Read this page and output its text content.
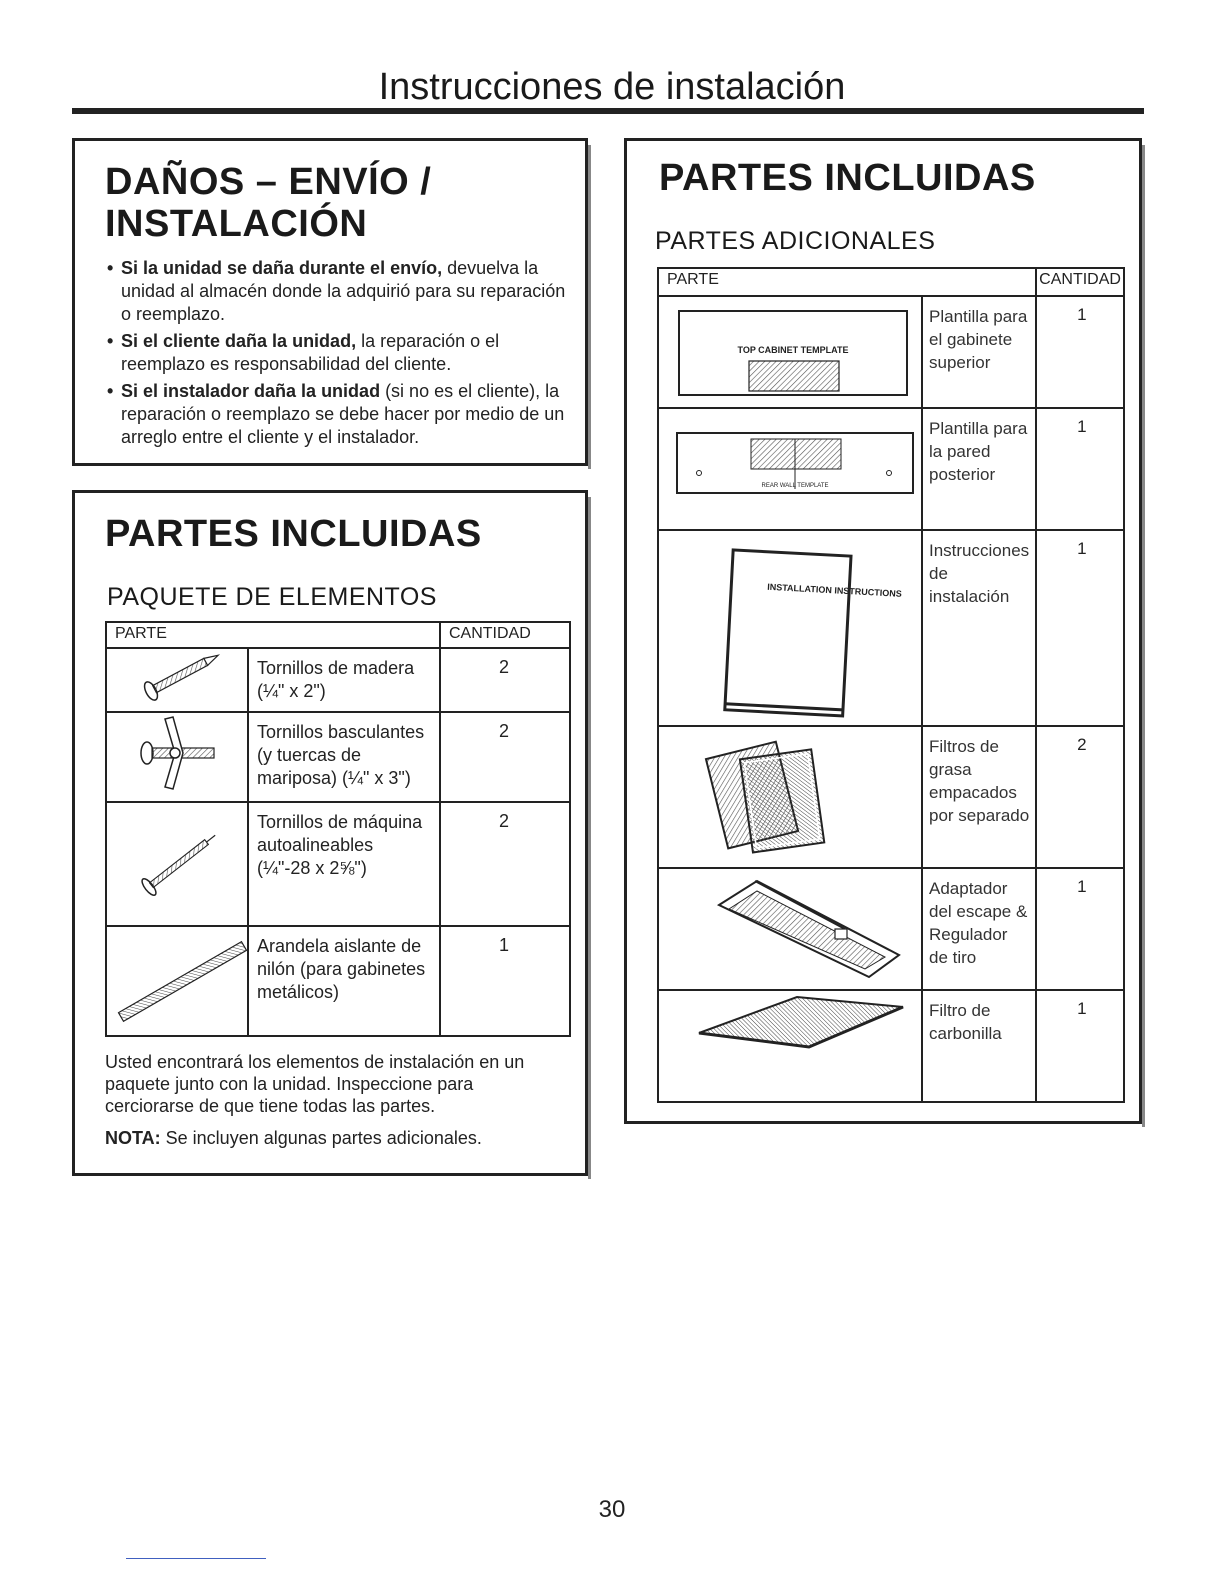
Instrucciones de instalación
DAÑOS – ENVÍO /
INSTALACIÓN
• Si la unidad se daña durante el envío, devuelva la unidad al almacén donde la adquirió para su reparación o reemplazo.
• Si el cliente daña la unidad, la reparación o el reemplazo es responsabilidad del cliente.
• Si el instalador daña la unidad (si no es el cliente), la reparación o reemplazo se debe hacer por medio de un arreglo entre el cliente y el instalador.
PARTES INCLUIDAS
PAQUETE DE ELEMENTOS
PARTE		CANTIDAD

	Tornillos de madera (¼" x 2")	2

	Tornillos basculantes (y tuercas de mariposa) (¼" x 3")	2

	Tornillos de máquina autoalineables (¼"-28 x 2⅝")	2

	Arandela aislante de nilón (para gabinetes metálicos)	1
Usted encontrará los elementos de instalación en un paquete junto con la unidad. Inspeccione para cerciorarse de que tiene todas las partes.
NOTA: Se incluyen algunas partes adicionales.
PARTES INCLUIDAS
PARTES ADICIONALES
PARTE		CANTIDAD

TOP CABINET TEMPLATE	Plantilla para el gabinete superior	1

REAR WALL TEMPLATE	Plantilla para la pared posterior	1

INSTALLATION INSTRUCTIONS	Instrucciones de instalación	1

	Filtros de grasa empacados por separado	2

	Adaptador del escape & Regulador de tiro	1

	Filtro de carbonilla	1
30
